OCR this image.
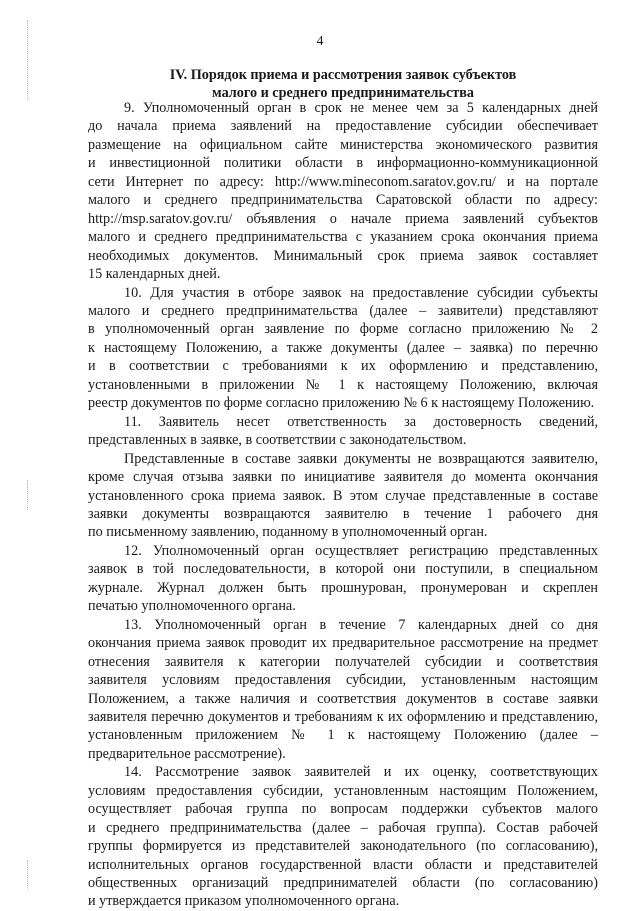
4
IV. Порядок приема и рассмотрения заявок субъектов
малого и среднего предпринимательства

9. Уполномоченный орган в срок не менее чем за 5 календарных дней
до начала приема заявлений на предоставление субсидии обеспечивает
размещение на официальном сайте министерства экономического развития
и инвестиционной политики области в информационно-коммуникационной
сети Интернет по адресу: http://www.mineconom.saratov.gov.ru/ и на портале
малого и среднего предпринимательства Саратовской области по адресу:
http://msp.saratov.gov.ru/ объявления о начале приема заявлений субъектов
малого и среднего предпринимательства с указанием срока окончания приема
необходимых документов. Минимальный срок приема заявок составляет
15 календарных дней.

10. Для участия в отборе заявок на предоставление субсидии субъекты
малого и среднего предпринимательства (далее – заявители) представляют
в уполномоченный орган заявление по форме согласно приложению № 2
к настоящему Положению, а также документы (далее – заявка) по перечню
и в соответствии с требованиями к их оформлению и представлению,
установленными в приложении № 1 к настоящему Положению, включая
реестр документов по форме согласно приложению № 6 к настоящему Положению.

11. Заявитель несет ответственность за достоверность сведений,
представленных в заявке, в соответствии с законодательством.

Представленные в составе заявки документы не возвращаются заявителю,
кроме случая отзыва заявки по инициативе заявителя до момента окончания
установленного срока приема заявок. В этом случае представленные в составе
заявки документы возвращаются заявителю в течение 1 рабочего дня
по письменному заявлению, поданному в уполномоченный орган.

12. Уполномоченный орган осуществляет регистрацию представленных
заявок в той последовательности, в которой они поступили, в специальном
журнале. Журнал должен быть прошнурован, пронумерован и скреплен
печатью уполномоченного органа.

13. Уполномоченный орган в течение 7 календарных дней со дня
окончания приема заявок проводит их предварительное рассмотрение на предмет
отнесения заявителя к категории получателей субсидии и соответствия
заявителя условиям предоставления субсидии, установленным настоящим
Положением, а также наличия и соответствия документов в составе заявки
заявителя перечню документов и требованиям к их оформлению и представлению,
установленным приложением № 1 к настоящему Положению (далее –
предварительное рассмотрение).

14. Рассмотрение заявок заявителей и их оценку, соответствующих
условиям предоставления субсидии, установленным настоящим Положением,
осуществляет рабочая группа по вопросам поддержки субъектов малого
и среднего предпринимательства (далее – рабочая группа). Состав рабочей
группы формируется из представителей законодательного (по согласованию),
исполнительных органов государственной власти области и представителей
общественных организаций предпринимателей области (по согласованию)
и утверждается приказом уполномоченного органа.
